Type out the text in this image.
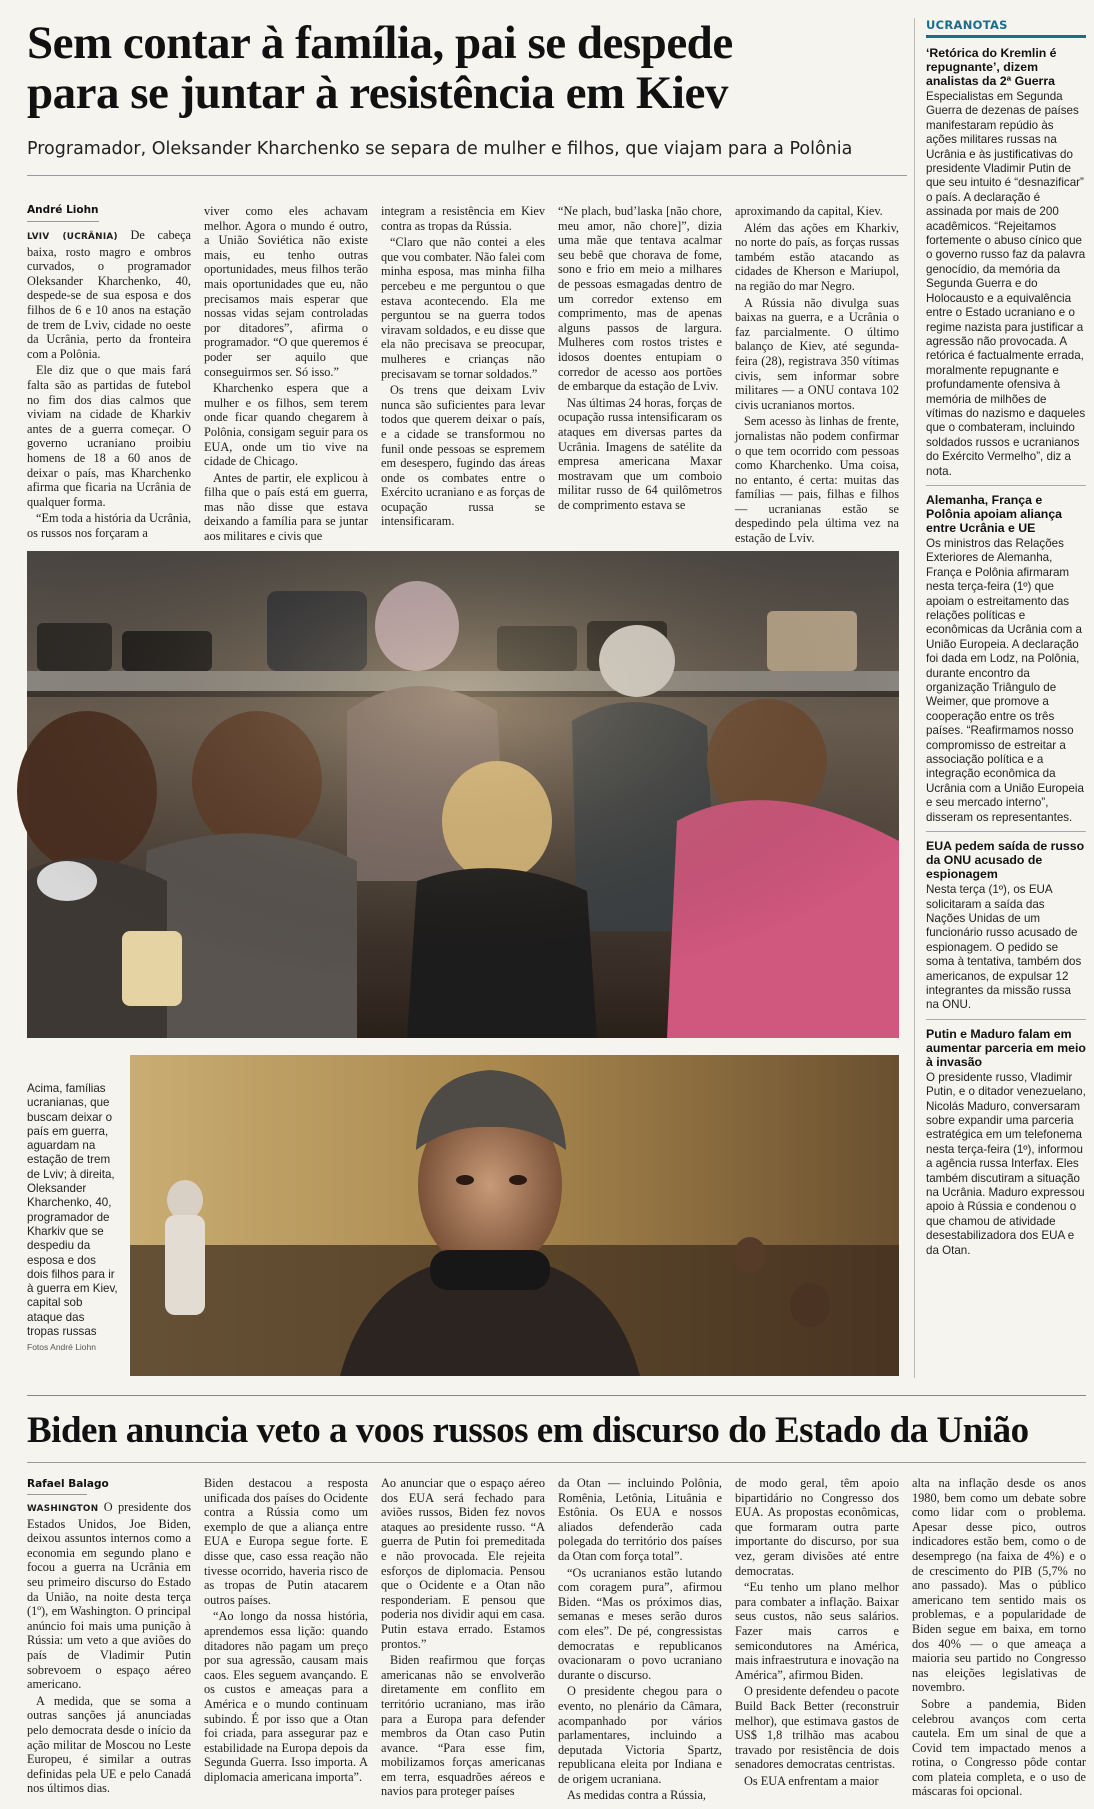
Sem contar à família, pai se despede
para se juntar à resistência em Kiev
Programador, Oleksander Kharchenko se separa de mulher e filhos, que viajam para a Polônia
André Liohn

LVIV (UCRÂNIA) De cabeça baixa, rosto magro e ombros curvados, o programador Oleksander Kharchenko, 40, despede-se de sua esposa e dos filhos de 6 e 10 anos na estação de trem de Lviv, cidade no oeste da Ucrânia, perto da fronteira com a Polônia.

Ele diz que o que mais fará falta são as partidas de futebol no fim dos dias calmos que viviam na cidade de Kharkiv antes de a guerra começar. O governo ucraniano proibiu homens de 18 a 60 anos de deixar o país, mas Kharchenko afirma que ficaria na Ucrânia de qualquer forma.

“Em toda a história da Ucrânia, os russos nos forçaram a

viver como eles achavam melhor. Agora o mundo é outro, a União Soviética não existe mais, eu tenho outras oportunidades, meus filhos terão mais oportunidades que eu, não precisamos mais esperar que nossas vidas sejam controladas por ditadores”, afirma o programador. “O que queremos é poder ser aquilo que conseguirmos ser. Só isso.”

Kharchenko espera que a mulher e os filhos, sem terem onde ficar quando chegarem à Polônia, consigam seguir para os EUA, onde um tio vive na cidade de Chicago.

Antes de partir, ele explicou à filha que o país está em guerra, mas não disse que estava deixando a família para se juntar aos militares e civis que

integram a resistência em Kiev contra as tropas da Rússia.

“Claro que não contei a eles que vou combater. Não falei com minha esposa, mas minha filha percebeu e me perguntou o que estava acontecendo. Ela me perguntou se na guerra todos viravam soldados, e eu disse que ela não precisava se preocupar, mulheres e crianças não precisavam se tornar soldados.”

Os trens que deixam Lviv nunca são suficientes para levar todos que querem deixar o país, e a cidade se transformou no funil onde pessoas se espremem em desespero, fugindo das áreas onde os combates entre o Exército ucraniano e as forças de ocupação russa se intensificaram.

“Ne plach, bud’laska [não chore, meu amor, não chore]”, dizia uma mãe que tentava acalmar seu bebê que chorava de fome, sono e frio em meio a milhares de pessoas esmagadas dentro de um corredor extenso em comprimento, mas de apenas alguns passos de largura. Mulheres com rostos tristes e idosos doentes entupiam o corredor de acesso aos portões de embarque da estação de Lviv.

Nas últimas 24 horas, forças de ocupação russa intensificaram os ataques em diversas partes da Ucrânia. Imagens de satélite da empresa americana Maxar mostravam que um comboio militar russo de 64 quilômetros de comprimento estava se

aproximando da capital, Kiev.

Além das ações em Kharkiv, no norte do país, as forças russas também estão atacando as cidades de Kherson e Mariupol, na região do mar Negro.

A Rússia não divulga suas baixas na guerra, e a Ucrânia o faz parcialmente. O último balanço de Kiev, até segunda-feira (28), registrava 350 vítimas civis, sem informar sobre militares — a ONU contava 102 civis ucranianos mortos.

Sem acesso às linhas de frente, jornalistas não podem confirmar o que tem ocorrido com pessoas como Kharchenko. Uma coisa, no entanto, é certa: muitas das famílias — pais, filhas e filhos — ucranianas estão se despedindo pela última vez na estação de Lviv.

Acima, famílias ucranianas, que buscam deixar o país em guerra, aguardam na estação de trem de Lviv; à direita, Oleksander Kharchenko, 40, programador de Kharkiv que se despediu da esposa e dos dois filhos para ir à guerra em Kiev, capital sob ataque das tropas russas
Fotos André Liohn
UCRANOTAS
‘Retórica do Kremlin é repugnante’, dizem analistas da 2ª Guerra
Especialistas em Segunda Guerra de dezenas de países manifestaram repúdio às ações militares russas na Ucrânia e às justificativas do presidente Vladimir Putin de que seu intuito é “desnazificar” o país. A declaração é assinada por mais de 200 acadêmicos. “Rejeitamos fortemente o abuso cínico que o governo russo faz da palavra genocídio, da memória da Segunda Guerra e do Holocausto e a equivalência entre o Estado ucraniano e o regime nazista para justificar a agressão não provocada. A retórica é factualmente errada, moralmente repugnante e profundamente ofensiva à memória de milhões de vítimas do nazismo e daqueles que o combateram, incluindo soldados russos e ucranianos do Exército Vermelho”, diz a nota.
Alemanha, França e Polônia apoiam aliança entre Ucrânia e UE
Os ministros das Relações Exteriores de Alemanha, França e Polônia afirmaram nesta terça-feira (1º) que apoiam o estreitamento das relações políticas e econômicas da Ucrânia com a União Europeia. A declaração foi dada em Lodz, na Polônia, durante encontro da organização Triângulo de Weimer, que promove a cooperação entre os três países. “Reafirmamos nosso compromisso de estreitar a associação política e a integração econômica da Ucrânia com a União Europeia e seu mercado interno”, disseram os representantes.
EUA pedem saída de russo da ONU acusado de espionagem
Nesta terça (1º), os EUA solicitaram a saída das Nações Unidas de um funcionário russo acusado de espionagem. O pedido se soma à tentativa, também dos americanos, de expulsar 12 integrantes da missão russa na ONU.
Putin e Maduro falam em aumentar parceria em meio à invasão
O presidente russo, Vladimir Putin, e o ditador venezuelano, Nicolás Maduro, conversaram sobre expandir uma parceria estratégica em um telefonema nesta terça-feira (1º), informou a agência russa Interfax. Eles também discutiram a situação na Ucrânia. Maduro expressou apoio à Rússia e condenou o que chamou de atividade desestabilizadora dos EUA e da Otan.
Biden anuncia veto a voos russos em discurso do Estado da União
Rafael Balago

WASHINGTON O presidente dos Estados Unidos, Joe Biden, deixou assuntos internos como a economia em segundo plano e focou a guerra na Ucrânia em seu primeiro discurso do Estado da União, na noite desta terça (1º), em Washington. O principal anúncio foi mais uma punição à Rússia: um veto a que aviões do país de Vladimir Putin sobrevoem o espaço aéreo americano.

A medida, que se soma a outras sanções já anunciadas pelo democrata desde o início da ação militar de Moscou no Leste Europeu, é similar a outras definidas pela UE e pelo Canadá nos últimos dias.

Biden destacou a resposta unificada dos países do Ocidente contra a Rússia como um exemplo de que a aliança entre EUA e Europa segue forte. E disse que, caso essa reação não tivesse ocorrido, haveria risco de as tropas de Putin atacarem outros países.

“Ao longo da nossa história, aprendemos essa lição: quando ditadores não pagam um preço por sua agressão, causam mais caos. Eles seguem avançando. E os custos e ameaças para a América e o mundo continuam subindo. É por isso que a Otan foi criada, para assegurar paz e estabilidade na Europa depois da Segunda Guerra. Isso importa. A diplomacia americana importa”.

Ao anunciar que o espaço aéreo dos EUA será fechado para aviões russos, Biden fez novos ataques ao presidente russo. “A guerra de Putin foi premeditada e não provocada. Ele rejeita esforços de diplomacia. Pensou que o Ocidente e a Otan não responderiam. E pensou que poderia nos dividir aqui em casa. Putin estava errado. Estamos prontos.”

Biden reafirmou que forças americanas não se envolverão diretamente em conflito em território ucraniano, mas irão para a Europa para defender membros da Otan caso Putin avance. “Para esse fim, mobilizamos forças americanas em terra, esquadrões aéreos e navios para proteger países

da Otan — incluindo Polônia, Romênia, Letônia, Lituânia e Estônia. Os EUA e nossos aliados defenderão cada polegada do território dos países da Otan com força total”.

“Os ucranianos estão lutando com coragem pura”, afirmou Biden. “Mas os próximos dias, semanas e meses serão duros com eles”. De pé, congressistas democratas e republicanos ovacionaram o povo ucraniano durante o discurso.

O presidente chegou para o evento, no plenário da Câmara, acompanhado por vários parlamentares, incluindo a deputada Victoria Spartz, republicana eleita por Indiana e de origem ucraniana.

As medidas contra a Rússia,

de modo geral, têm apoio bipartidário no Congresso dos EUA. As propostas econômicas, que formaram outra parte importante do discurso, por sua vez, geram divisões até entre democratas.

“Eu tenho um plano melhor para combater a inflação. Baixar seus custos, não seus salários. Fazer mais carros e semicondutores na América, mais infraestrutura e inovação na América”, afirmou Biden.

O presidente defendeu o pacote Build Back Better (reconstruir melhor), que estimava gastos de US$ 1,8 trilhão mas acabou travado por resistência de dois senadores democratas centristas.

Os EUA enfrentam a maior

alta na inflação desde os anos 1980, bem como um debate sobre como lidar com o problema. Apesar desse pico, outros indicadores estão bem, como o de desemprego (na faixa de 4%) e o de crescimento do PIB (5,7% no ano passado). Mas o público americano tem sentido mais os problemas, e a popularidade de Biden segue em baixa, em torno dos 40% — o que ameaça a maioria seu partido no Congresso nas eleições legislativas de novembro.

Sobre a pandemia, Biden celebrou avanços com certa cautela. Em um sinal de que a Covid tem impactado menos a rotina, o Congresso pôde contar com plateia completa, e o uso de máscaras foi opcional.
